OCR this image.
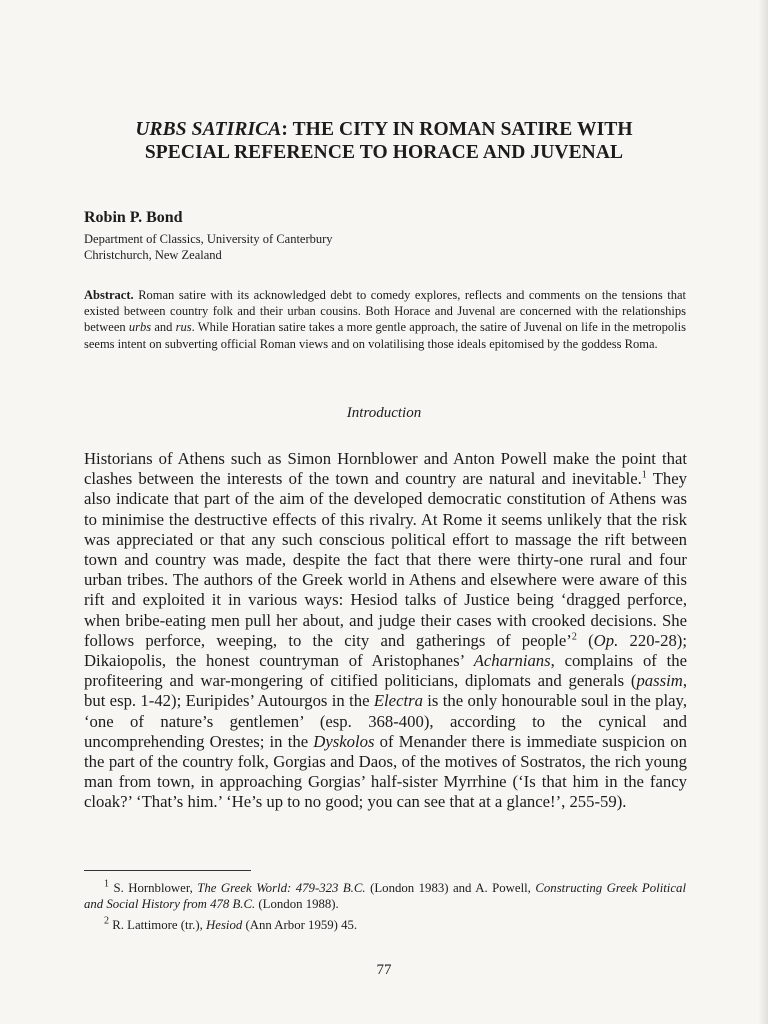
URBS SATIRICA: THE CITY IN ROMAN SATIRE WITH
SPECIAL REFERENCE TO HORACE AND JUVENAL
Robin P. Bond
Department of Classics, University of Canterbury
Christchurch, New Zealand
Abstract. Roman satire with its acknowledged debt to comedy explores, reflects and comments on the tensions that existed between country folk and their urban cousins. Both Horace and Juvenal are concerned with the relationships between urbs and rus. While Horatian satire takes a more gentle approach, the satire of Juvenal on life in the metropolis seems intent on subverting official Roman views and on volatilising those ideals epitomised by the goddess Roma.
Introduction

Historians of Athens such as Simon Hornblower and Anton Powell make the point that clashes between the interests of the town and country are natural and inevitable.$^1$ They also indicate that part of the aim of the developed democratic constitution of Athens was to minimise the destructive effects of this rivalry. At Rome it seems unlikely that the risk was appreciated or that any such conscious political effort to massage the rift between town and country was made, despite the fact that there were thirty-one rural and four urban tribes. The authors of the Greek world in Athens and elsewhere were aware of this rift and exploited it in various ways: Hesiod talks of Justice being ‘dragged perforce, when bribe-eating men pull her about, and judge their cases with crooked decisions. She follows perforce, weeping, to the city and gatherings of people’$^2$ (Op. 220-28); Dikaiopolis, the honest countryman of Aristophanes’ Acharnians, complains of the profiteering and war-mongering of citified politicians, diplomats and generals (passim, but esp. 1-42); Euripides’ Autourgos in the Electra is the only honourable soul in the play, ‘one of nature’s gentlemen’ (esp. 368-400), according to the cynical and uncomprehending Orestes; in the Dyskolos of Menander there is immediate suspicion on the part of the country folk, Gorgias and Daos, of the motives of Sostratos, the rich young man from town, in approaching Gorgias’ half-sister Myrrhine (‘Is that him in the fancy cloak?’ ‘That’s him.’ ‘He’s up to no good; you can see that at a glance!’, 255-59).

$^1$ S. Hornblower, The Greek World: 479-323 B.C. (London 1983) and A. Powell, Constructing Greek Political and Social History from 478 B.C. (London 1988).
$^2$ R. Lattimore (tr.), Hesiod (Ann Arbor 1959) 45.
77
